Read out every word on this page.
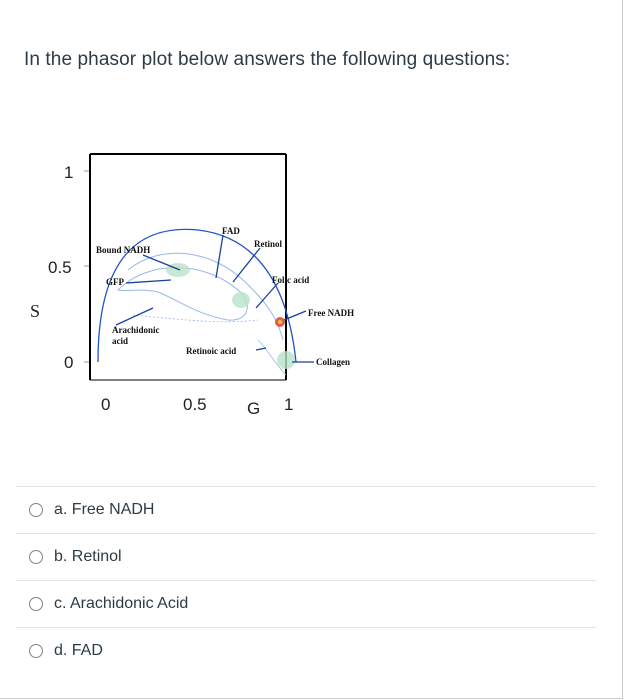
In the phasor plot below answers the following questions:
S
1
0.5
0
FAD
Retinol
Bound NADH
GFP	Folic acid
Free NADH
Arachidonic
acid
Retinoic acid
Collagen
0	0.5 G 1
a. Free NADH
b. Retinol
c. Arachidonic Acid
d. FAD
